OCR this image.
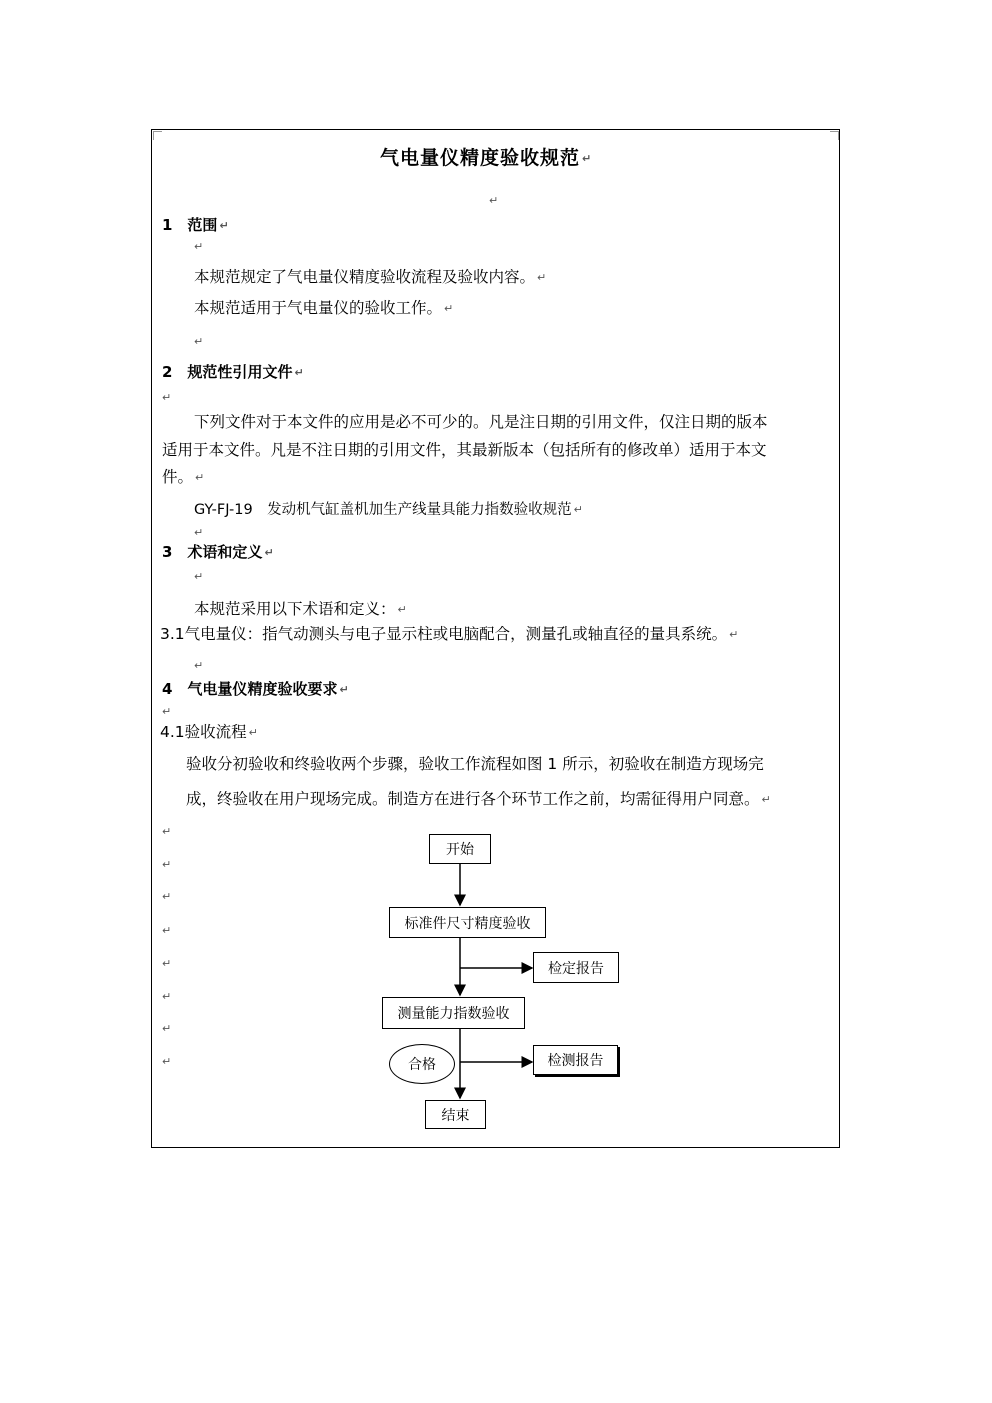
气电量仪精度验收规范 ↵
↵
1　范围 ↵
↵
本规范规定了气电量仪精度验收流程及验收内容。 ↵
本规范适用于气电量仪的验收工作。 ↵
↵
2　规范性引用文件 ↵
↵
下列文件对于本文件的应用是必不可少的。凡是注日期的引用文件，仅注日期的版本
适用于本文件。凡是不注日期的引用文件，其最新版本（包括所有的修改单）适用于本文
件。 ↵
GY-FJ-19　发动机气缸盖机加生产线量具能力指数验收规范 ↵
↵
3　术语和定义 ↵
↵
本规范采用以下术语和定义： ↵
3.1气电量仪：指气动测头与电子显示柱或电脑配合，测量孔或轴直径的量具系统。 ↵
↵
4　气电量仪精度验收要求 ↵
↵
4.1验收流程 ↵
验收分初验收和终验收两个步骤，验收工作流程如图 1 所示，初验收在制造方现场完
成，终验收在用户现场完成。制造方在进行各个环节工作之前，均需征得用户同意。 ↵
↵
↵
↵
↵
↵
↵
↵
↵
开始
标准件尺寸精度验收
检定报告
测量能力指数验收
合格	检测报告
结束
